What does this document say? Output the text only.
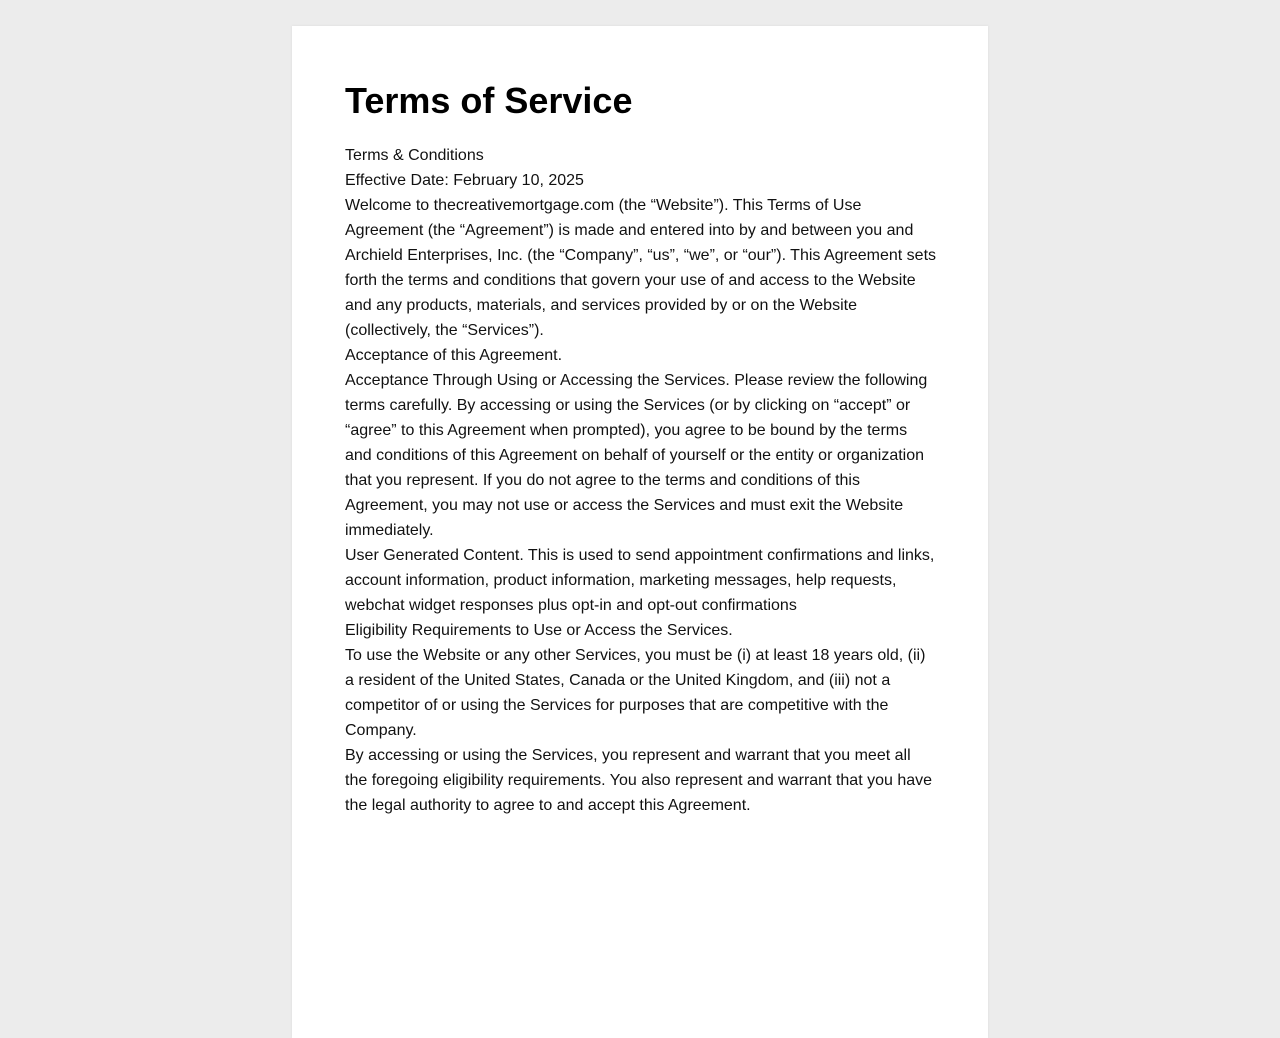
Terms of Service

Terms & Conditions

Effective Date: February 10, 2025

Welcome to thecreativemortgage.com (the “Website”). This Terms of Use Agreement (the “Agreement”) is made and entered into by and between you and Archield Enterprises, Inc. (the “Company”, “us”, “we”, or “our”). This Agreement sets forth the terms and conditions that govern your use of and access to the Website and any products, materials, and services provided by or on the Website (collectively, the “Services”).

Acceptance of this Agreement.

Acceptance Through Using or Accessing the Services. Please review the following terms carefully. By accessing or using the Services (or by clicking on “accept” or “agree” to this Agreement when prompted), you agree to be bound by the terms and conditions of this Agreement on behalf of yourself or the entity or organization that you represent. If you do not agree to the terms and conditions of this Agreement, you may not use or access the Services and must exit the Website immediately.

User Generated Content. This is used to send appointment confirmations and links, account information, product information, marketing messages, help requests, webchat widget responses plus opt-in and opt-out confirmations

Eligibility Requirements to Use or Access the Services.

To use the Website or any other Services, you must be (i) at least 18 years old, (ii) a resident of the United States, Canada or the United Kingdom, and (iii) not a competitor of or using the Services for purposes that are competitive with the Company.

By accessing or using the Services, you represent and warrant that you meet all the foregoing eligibility requirements. You also represent and warrant that you have the legal authority to agree to and accept this Agreement.
